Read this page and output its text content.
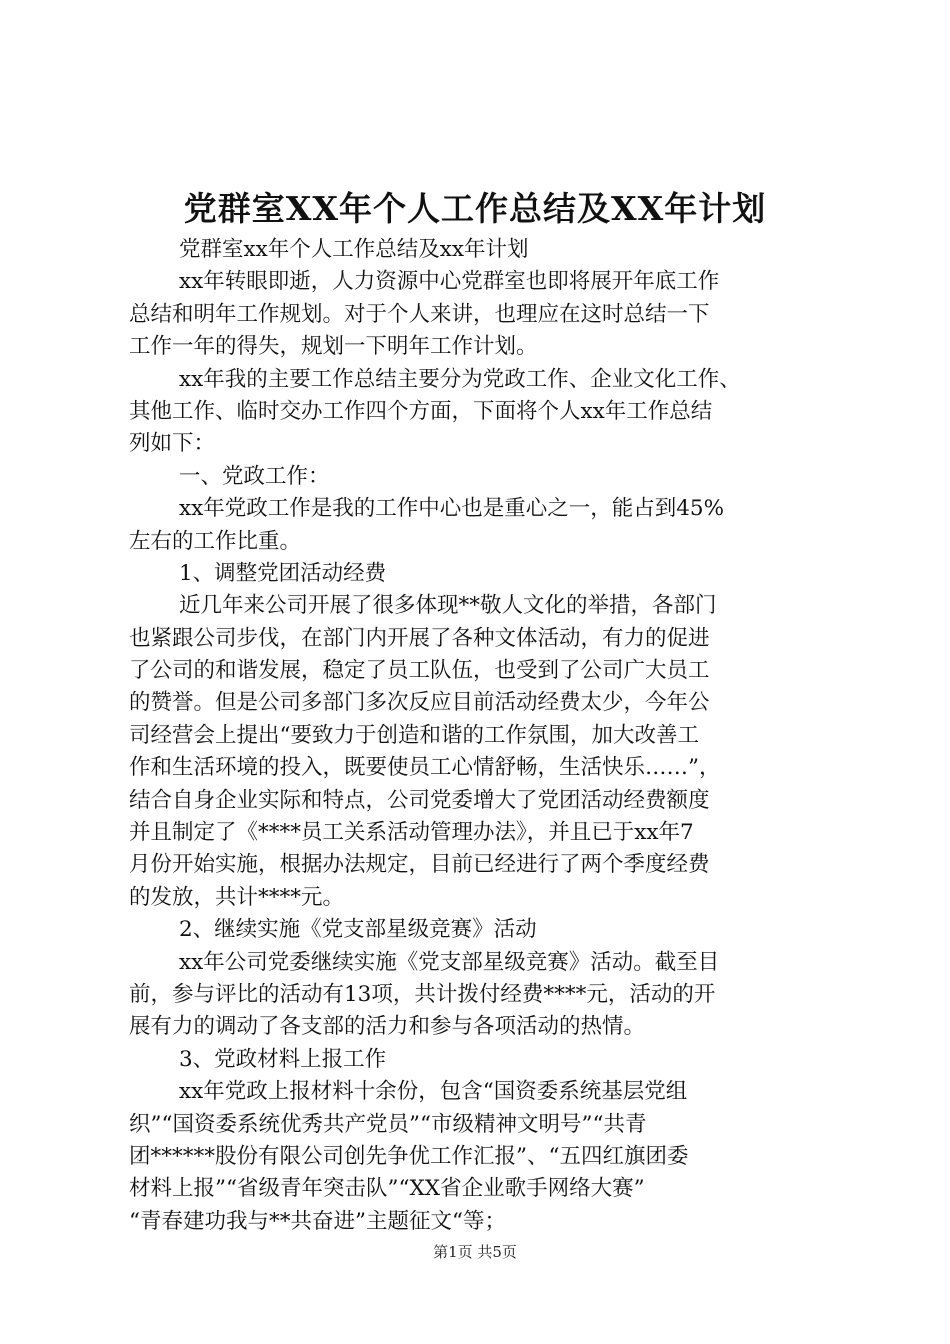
党群室XX年个人工作总结及XX年计划
党群室xx年个人工作总结及xx年计划
xx年转眼即逝，人力资源中心党群室也即将展开年底工作
总结和明年工作规划。对于个人来讲，也理应在这时总结一下
工作一年的得失，规划一下明年工作计划。
xx年我的主要工作总结主要分为党政工作、企业文化工作、
其他工作、临时交办工作四个方面，下面将个人xx年工作总结
列如下：
一、党政工作：
xx年党政工作是我的工作中心也是重心之一，能占到45%
左右的工作比重。
1、调整党团活动经费
近几年来公司开展了很多体现**敬人文化的举措，各部门
也紧跟公司步伐，在部门内开展了各种文体活动，有力的促进
了公司的和谐发展，稳定了员工队伍，也受到了公司广大员工
的赞誉。但是公司多部门多次反应目前活动经费太少，今年公
司经营会上提出“要致力于创造和谐的工作氛围，加大改善工
作和生活环境的投入，既要使员工心情舒畅，生活快乐……”，
结合自身企业实际和特点，公司党委增大了党团活动经费额度
并且制定了《****员工关系活动管理办法》，并且已于xx年7
月份开始实施，根据办法规定，目前已经进行了两个季度经费
的发放，共计****元。
2、继续实施《党支部星级竞赛》活动
xx年公司党委继续实施《党支部星级竞赛》活动。截至目
前，参与评比的活动有13项，共计拨付经费****元，活动的开
展有力的调动了各支部的活力和参与各项活动的热情。
3、党政材料上报工作
xx年党政上报材料十余份，包含“国资委系统基层党组
织”“国资委系统优秀共产党员”“市级精神文明号”“共青
团******股份有限公司创先争优工作汇报”、“五四红旗团委
材料上报”“省级青年突击队”“XX省企业歌手网络大赛”
“青春建功我与**共奋进”主题征文“等；
第1页 共5页
